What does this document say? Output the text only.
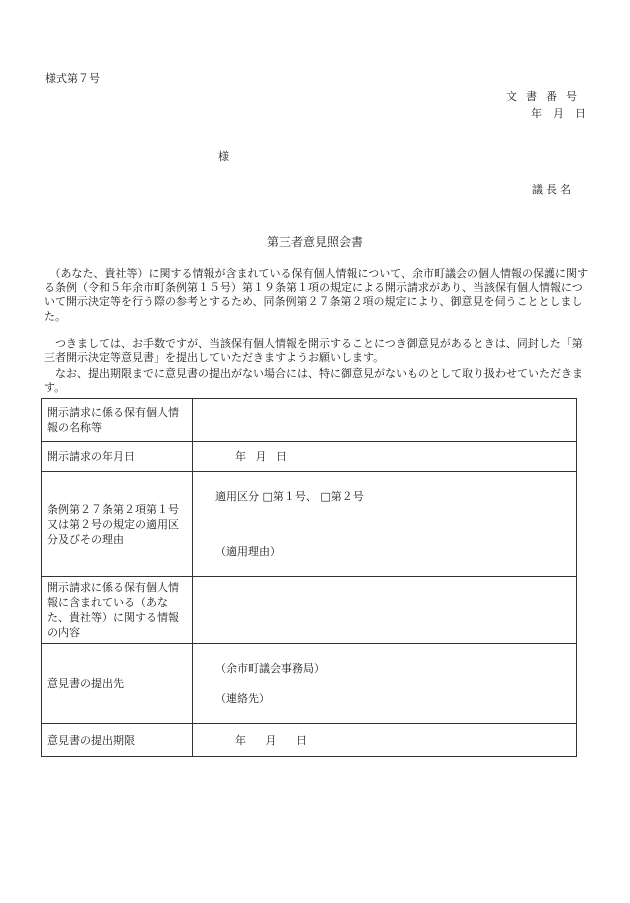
様式第７号
文書番号
年　月　日
様
議長名
第三者意見照会書
　（あなた、貴社等）に関する情報が含まれている保有個人情報について、余市町議会の個人情報の保護に関する条例（令和５年余市町条例第１５号）第１９条第１項の規定による開示請求があり、当該保有個人情報について開示決定等を行う際の参考とするため、同条例第２７条第２項の規定により、御意見を伺うこととしました。
　つきましては、お手数ですが、当該保有個人情報を開示することにつき御意見があるときは、同封した「第三者開示決定等意見書」を提出していただきますようお願いします。
　なお、提出期限までに意見書の提出がない場合には、特に御意見がないものとして取り扱わせていただきます。
開示請求に係る保有個人情報の名称等	
開示請求の年月日	年 月 日
条例第２７条第２項第１号又は第２号の規定の適用区分及びその理由	適用区分 □第１号、 □第２号

（適用理由）

開示請求に係る保有個人情報に含まれている（あなた、貴社等）に関する情報の内容	
意見書の提出先	（余市町議会事務局）

（連絡先）

意見書の提出期限	年 月 日
